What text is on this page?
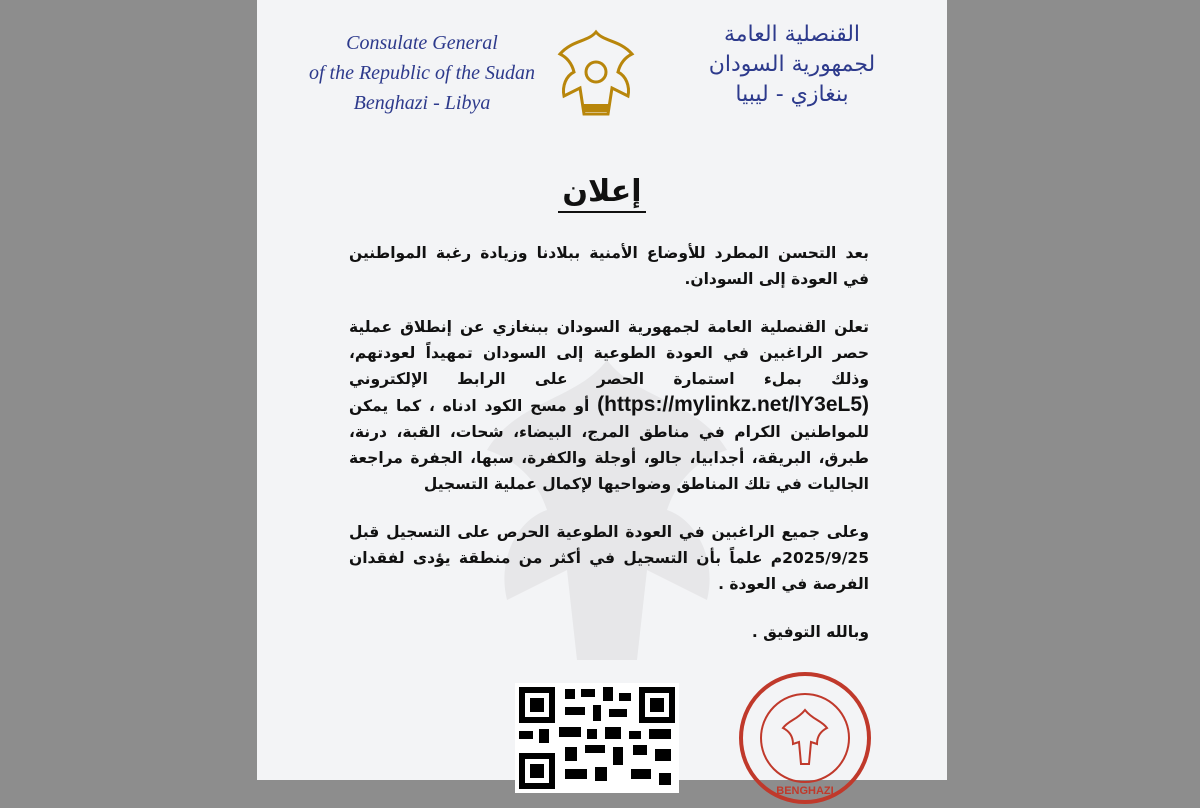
Consulate General
of the Republic of the Sudan
Benghazi - Libya
القنصلية العامة
لجمهورية السودان
بنغازي - ليبيا
إعلان

بعد التحسن المطرد للأوضاع الأمنية ببلادنا وزيادة رغبة المواطنين في العودة إلى السودان.

تعلن القنصلية العامة لجمهورية السودان ببنغازي عن إنطلاق عملية حصر الراغبين في العودة الطوعية إلى السودان تمهيداً لعودتهم، وذلك بملء استمارة الحصر على الرابط الإلكتروني (https://mylinkz.net/lY3eL5) أو مسح الكود ادناه ، كما يمكن للمواطنين الكرام في مناطق المرج، البيضاء، شحات، القبة، درنة، طبرق، البريقة، أجدابيا، جالو، أوجلة والكفرة، سبها، الجفرة مراجعة الجاليات في تلك المناطق وضواحيها لإكمال عملية التسجيل

وعلى جميع الراغبين في العودة الطوعية الحرص على التسجيل قبل 2025/9/25م علماً بأن التسجيل في أكثر من منطقة يؤدى لفقدان الفرصة في العودة .

وبالله التوفيق .

BENGHAZI
